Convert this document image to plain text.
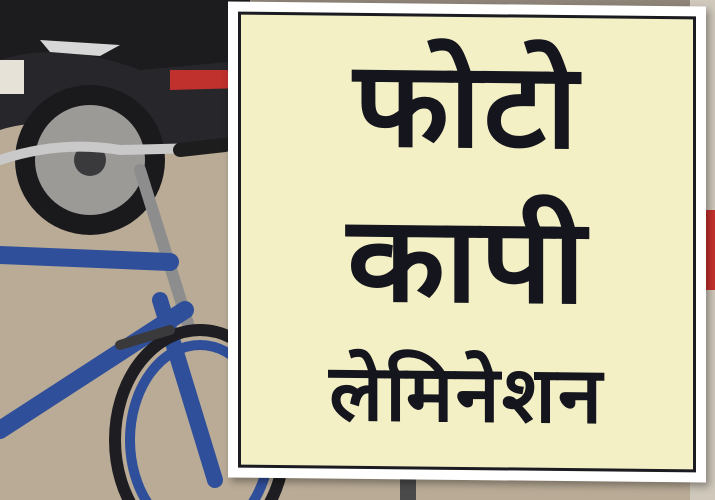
फोटो
कापी
लेमिनेशन
